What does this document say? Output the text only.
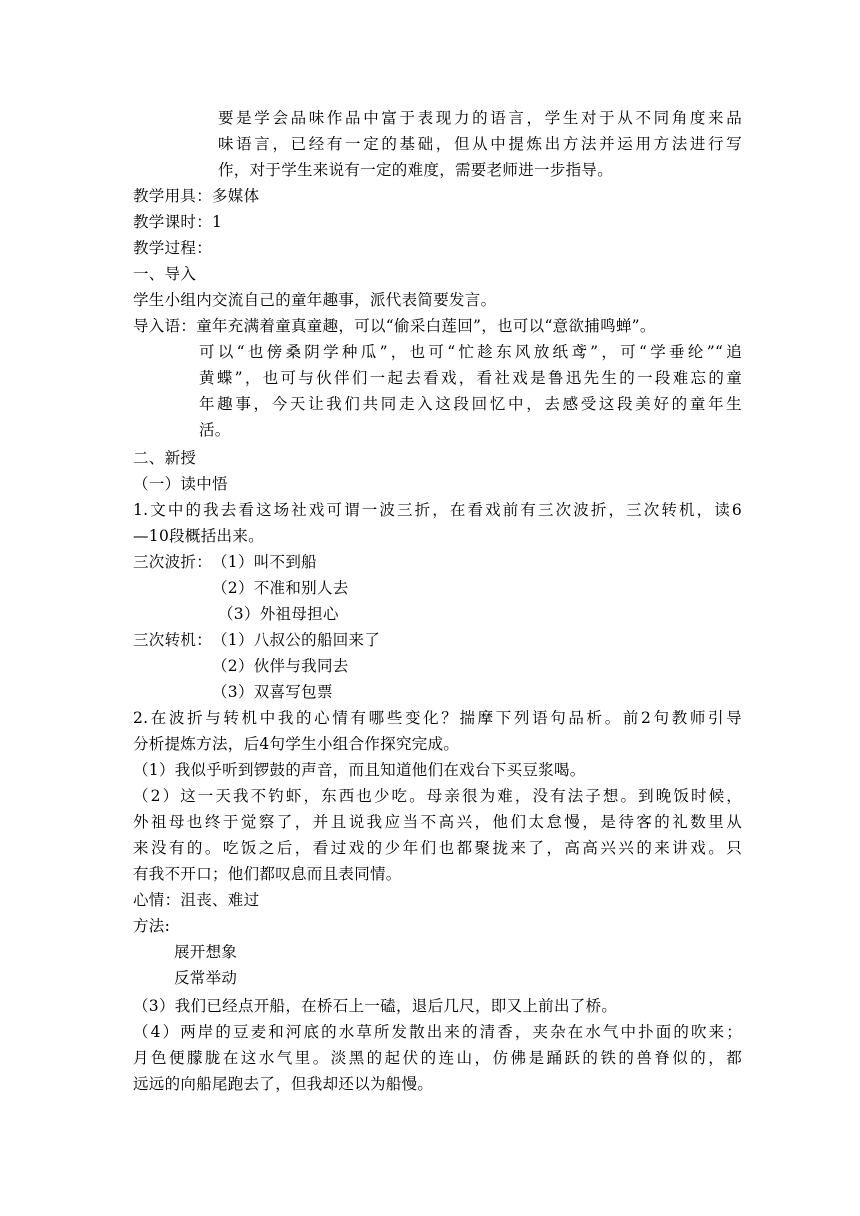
要是学会品味作品中富于表现力的语言，学生对于从不同角度来品
味语言，已经有一定的基础，但从中提炼出方法并运用方法进行写
作，对于学生来说有一定的难度，需要老师进一步指导。
教学用具：多媒体
教学课时：1
教学过程：
一、导入
学生小组内交流自己的童年趣事，派代表简要发言。
导入语：童年充满着童真童趣，可以“偷采白莲回”，也可以“意欲捕鸣蝉”。
可以“也傍桑阴学种瓜”，也可“忙趁东风放纸鸢”，可“学垂纶”“追
黄蝶”，也可与伙伴们一起去看戏，看社戏是鲁迅先生的一段难忘的童
年趣事，今天让我们共同走入这段回忆中，去感受这段美好的童年生
活。
二、新授
（一）读中悟
1.文中的我去看这场社戏可谓一波三折，在看戏前有三次波折，三次转机，读6
—10段概括出来。
三次波折： （1）叫不到船
（2）不准和别人去
（3）外祖母担心
三次转机： （1）八叔公的船回来了
（2）伙伴与我同去
（3）双喜写包票
2.在波折与转机中我的心情有哪些变化？揣摩下列语句品析。前2句教师引导
分析提炼方法，后4句学生小组合作探究完成。
（1）我似乎听到锣鼓的声音，而且知道他们在戏台下买豆浆喝。
（2）这一天我不钓虾，东西也少吃。母亲很为难，没有法子想。到晚饭时候，
外祖母也终于觉察了，并且说我应当不高兴，他们太怠慢，是待客的礼数里从
来没有的。吃饭之后，看过戏的少年们也都聚拢来了，高高兴兴的来讲戏。只
有我不开口；他们都叹息而且表同情。
心情：沮丧、难过
方法:
展开想象
反常举动
（3）我们已经点开船，在桥石上一磕，退后几尺，即又上前出了桥。
（4）两岸的豆麦和河底的水草所发散出来的清香，夹杂在水气中扑面的吹来；
月色便朦胧在这水气里。淡黑的起伏的连山，仿佛是踊跃的铁的兽脊似的，都
远远的向船尾跑去了，但我却还以为船慢。
